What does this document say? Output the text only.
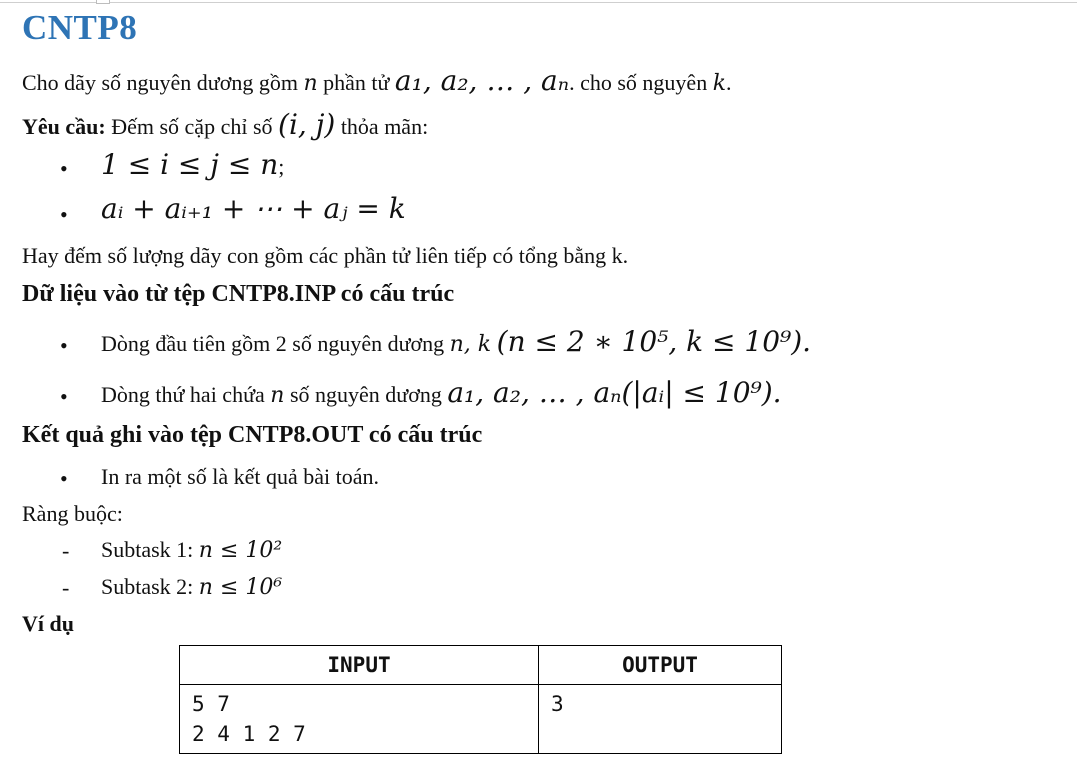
CNTP8
Cho dãy số nguyên dương gồm n phần tử a₁, a₂, … , aₙ. cho số nguyên k.
Yêu cầu: Đếm số cặp chỉ số (i, j) thỏa mãn:
• 1 ≤ i ≤ j ≤ n;
• aᵢ + aᵢ₊₁ + ⋯ + aⱼ = k
Hay đếm số lượng dãy con gồm các phần tử liên tiếp có tổng bằng k.
Dữ liệu vào từ tệp CNTP8.INP có cấu trúc
• Dòng đầu tiên gồm 2 số nguyên dương n, k (n ≤ 2 ∗ 10⁵, k ≤ 10⁹).
• Dòng thứ hai chứa n số nguyên dương a₁, a₂, … , aₙ(|aᵢ| ≤ 10⁹).
Kết quả ghi vào tệp CNTP8.OUT có cấu trúc
• In ra một số là kết quả bài toán.
Ràng buộc:
- Subtask 1: n ≤ 10²
- Subtask 2: n ≤ 10⁶
Ví dụ
INPUT	OUTPUT

5 7
2 4 1 2 7	3
